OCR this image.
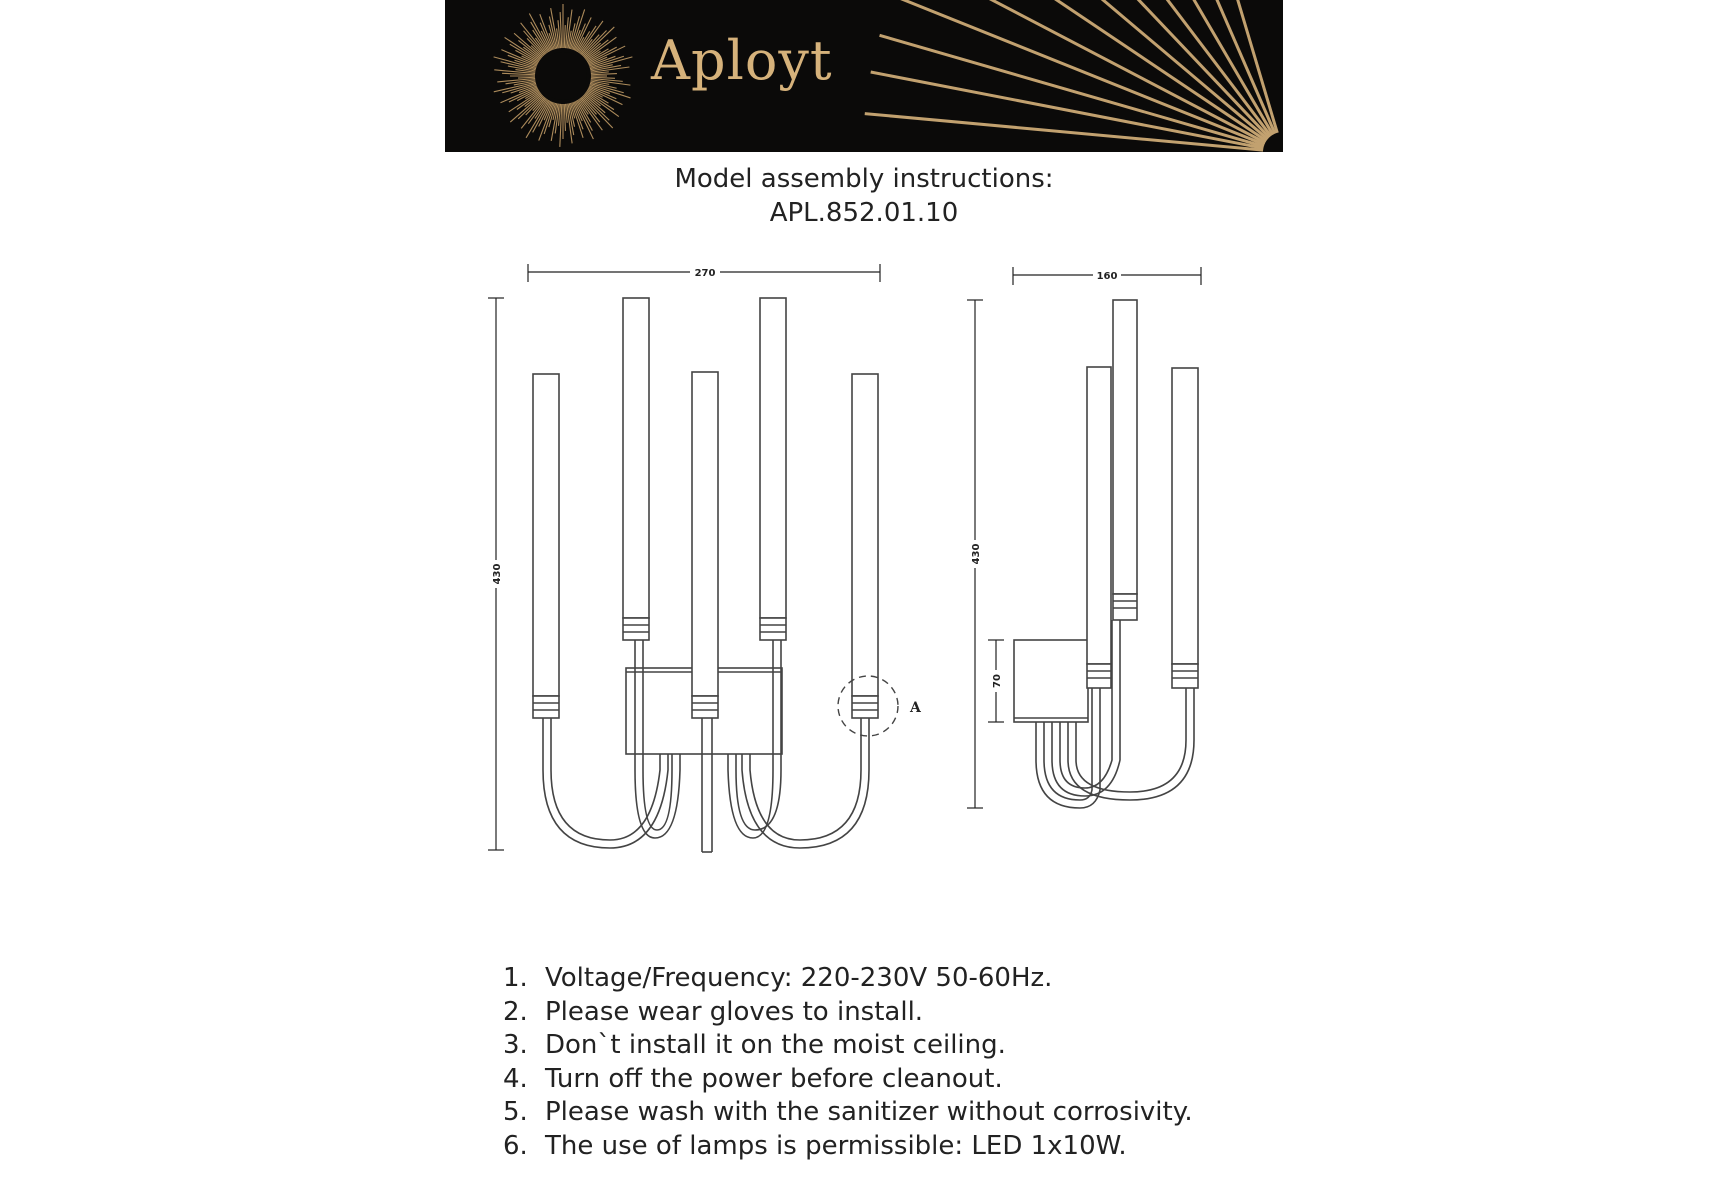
Aployt
Model assembly instructions:
APL.852.01.10
270
430
A
160
430
70
1. Voltage/Frequency: 220-230V 50-60Hz.
2. Please wear gloves to install.
3. Don`t install it on the moist ceiling.
4. Turn off the power before cleanout.
5. Please wash with the sanitizer without corrosivity.
6. The use of lamps is permissible: LED 1x10W.
